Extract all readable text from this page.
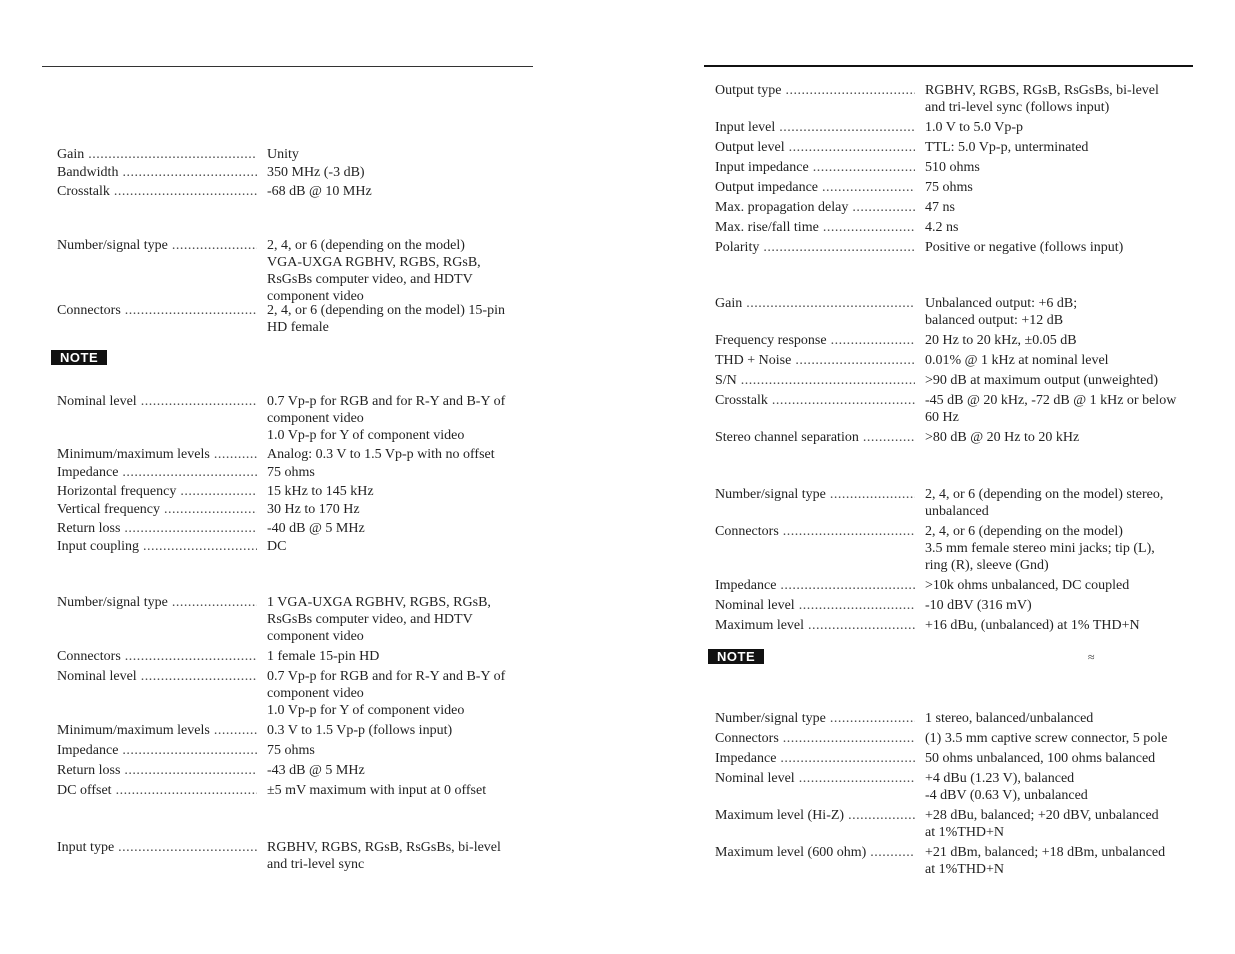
Gain .....	Unity
Bandwidth .....	350 MHz (-3 dB)
Crosstalk .....	-68 dB @ 10 MHz
Number/signal type .....	2, 4, or 6 (depending on the model)
VGA-UXGA RGBHV, RGBS, RGsB,
RsGsBs computer video, and HDTV
component video
Connectors .....	2, 4, or 6 (depending on the model) 15-pin
HD female
NOTE
Nominal level .....	0.7 Vp-p for RGB and for R-Y and B-Y of
component video
1.0 Vp-p for Y of component video
Minimum/maximum levels .....	Analog: 0.3 V to 1.5 Vp-p with no offset
Impedance .....	75 ohms
Horizontal frequency .....	15 kHz to 145 kHz
Vertical frequency .....	30 Hz to 170 Hz
Return loss .....	-40 dB @ 5 MHz
Input coupling .....	DC
Number/signal type .....	1 VGA-UXGA RGBHV, RGBS, RGsB,
RsGsBs computer video, and HDTV
component video
Connectors .....	1 female 15-pin HD
Nominal level .....	0.7 Vp-p for RGB and for R-Y and B-Y of
component video
1.0 Vp-p for Y of component video
Minimum/maximum levels .....	0.3 V to 1.5 Vp-p (follows input)
Impedance .....	75 ohms
Return loss .....	-43 dB @ 5 MHz
DC offset .....	±5 mV maximum with input at 0 offset
Input type .....	RGBHV, RGBS, RGsB, RsGsBs, bi-level
and tri-level sync
Output type .....	RGBHV, RGBS, RGsB, RsGsBs, bi-level
and tri-level sync (follows input)
Input level .....	1.0 V to 5.0 Vp-p
Output level .....	TTL: 5.0 Vp-p, unterminated
Input impedance .....	510 ohms
Output impedance .....	75 ohms
Max. propagation delay .....	47 ns
Max. rise/fall time .....	4.2 ns
Polarity .....	Positive or negative (follows input)
Gain .....	Unbalanced output: +6 dB;
balanced output: +12 dB
Frequency response .....	20 Hz to 20 kHz, ±0.05 dB
THD + Noise .....	0.01% @ 1 kHz at nominal level
S/N .....	>90 dB at maximum output (unweighted)
Crosstalk .....	-45 dB @ 20 kHz, -72 dB @ 1 kHz or below
60 Hz
Stereo channel separation .....	>80 dB @ 20 Hz to 20 kHz
Number/signal type .....	2, 4, or 6 (depending on the model) stereo,
unbalanced
Connectors .....	2, 4, or 6 (depending on the model)
3.5 mm female stereo mini jacks; tip (L),
ring (R), sleeve (Gnd)
Impedance .....	>10k ohms unbalanced, DC coupled
Nominal level .....	-10 dBV (316 mV)
Maximum level .....	+16 dBu, (unbalanced) at 1% THD+N
NOTE	≈
Number/signal type .....	1 stereo, balanced/unbalanced
Connectors .....	(1) 3.5 mm captive screw connector, 5 pole
Impedance .....	50 ohms unbalanced, 100 ohms balanced
Nominal level .....	+4 dBu (1.23 V), balanced
-4 dBV (0.63 V), unbalanced
Maximum level (Hi-Z) .....	+28 dBu, balanced; +20 dBV, unbalanced
at 1%THD+N
Maximum level (600 ohm) .....	+21 dBm, balanced; +18 dBm, unbalanced
at 1%THD+N
